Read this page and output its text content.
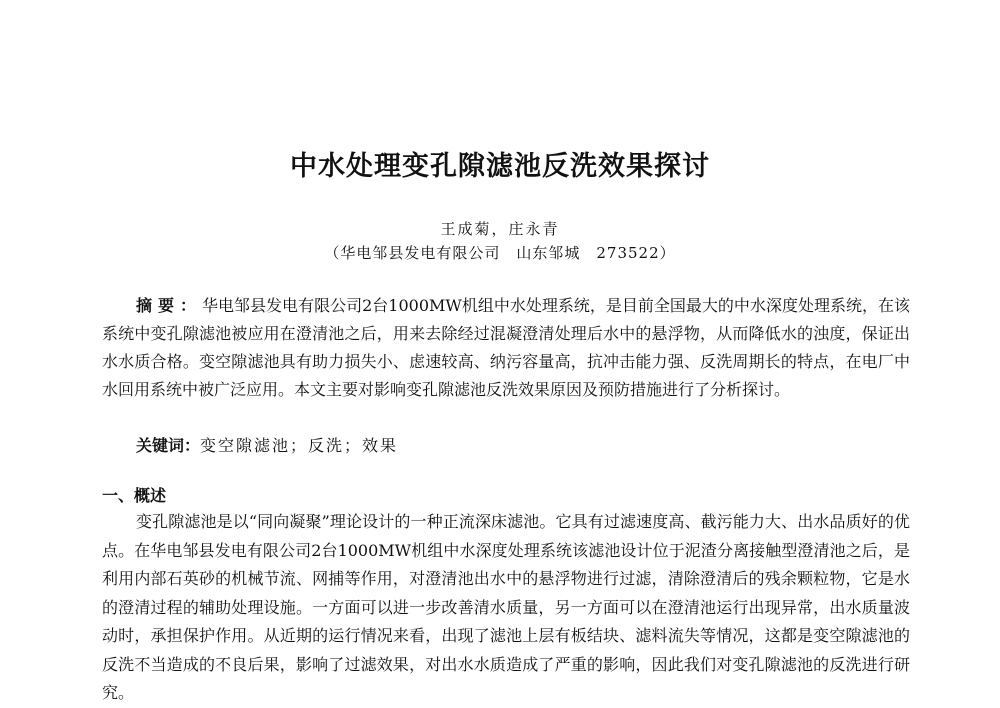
中水处理变孔隙滤池反洗效果探讨
王成菊，庄永青
（华电邹县发电有限公司　山东邹城　273522）

摘要：华电邹县发电有限公司2台1000MW机组中水处理系统，是目前全国最大的中水深度处理系统，在该系统中变孔隙滤池被应用在澄清池之后，用来去除经过混凝澄清处理后水中的悬浮物，从而降低水的浊度，保证出水水质合格。变空隙滤池具有助力损失小、虑速较高、纳污容量高，抗冲击能力强、反洗周期长的特点，在电厂中水回用系统中被广泛应用。本文主要对影响变孔隙滤池反洗效果原因及预防措施进行了分析探讨。

关键词：变空隙滤池；反洗；效果
一、概述

变孔隙滤池是以“同向凝聚”理论设计的一种正流深床滤池。它具有过滤速度高、截污能力大、出水品质好的优点。在华电邹县发电有限公司2台1000MW机组中水深度处理系统该滤池设计位于泥渣分离接触型澄清池之后，是利用内部石英砂的机械节流、网捕等作用，对澄清池出水中的悬浮物进行过滤，清除澄清后的残余颗粒物，它是水的澄清过程的辅助处理设施。一方面可以进一步改善清水质量，另一方面可以在澄清池运行出现异常，出水质量波动时，承担保护作用。从近期的运行情况来看，出现了滤池上层有板结块、滤料流失等情况，这都是变空隙滤池的反洗不当造成的不良后果，影响了过滤效果，对出水水质造成了严重的影响，因此我们对变孔隙滤池的反洗进行研究。
